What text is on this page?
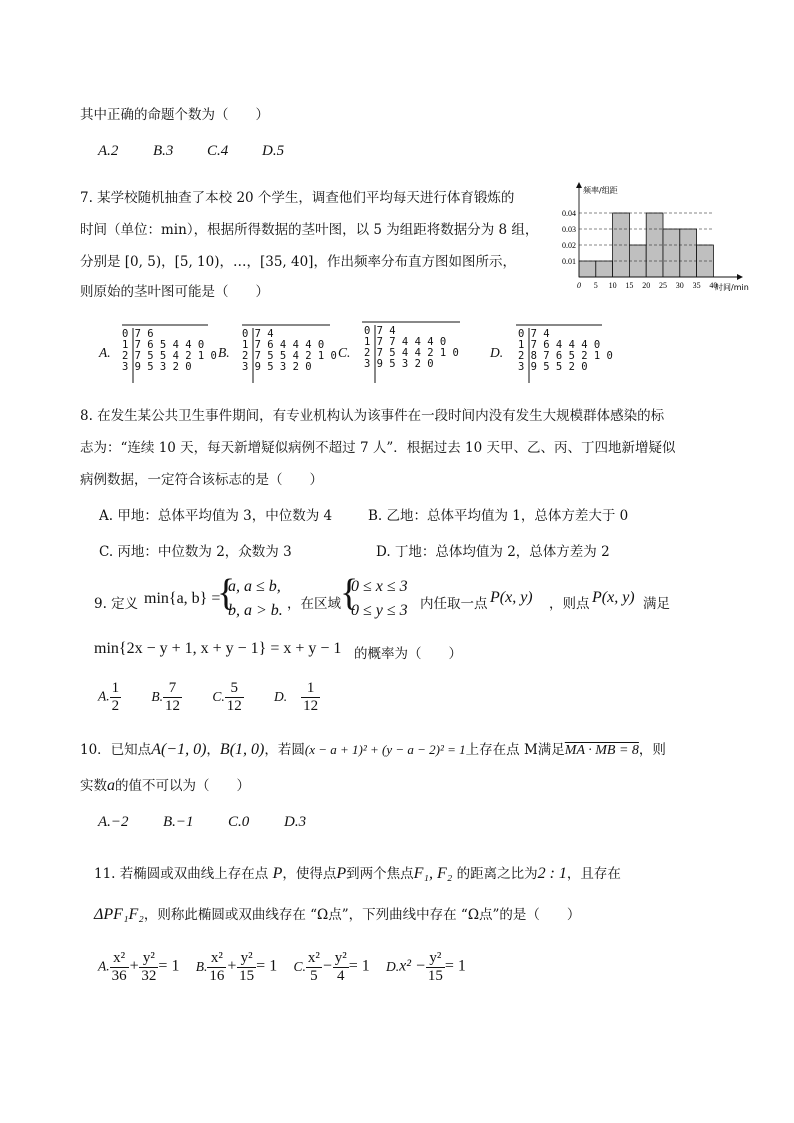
其中正确的命题个数为（　　）
A.2 B.3 C.4 D.5
7. 某学校随机抽查了本校 20 个学生，调查他们平均每天进行体育锻炼的
时间（单位：min），根据所得数据的茎叶图，以 5 为组距将数据分为 8 组，
分别是 [0, 5)，[5, 10)，…，[35, 40]，作出频率分布直方图如图所示，
则原始的茎叶图可能是（　　）
0.01
0.02
0.03
0.04
0 5 10 15 20 25 30 35 40
频率/组距
时间/min
A.
0 7 6
1 7 6 5 4 4 0
2 7 5 5 4 2 1 0
3 9 5 3 2 0
B.
0 7 4
1 7 6 4 4 4 0
2 7 5 5 4 2 1 0
3 9 5 3 2 0
C.
0 7 4
1 7 7 4 4 4 0
2 7 5 4 4 2 1 0
3 9 5 3 2 0
D.
0 7 4
1 7 6 4 4 4 0
2 8 7 6 5 2 1 0
3 9 5 5 2 0
8. 在发生某公共卫生事件期间，有专业机构认为该事件在一段时间内没有发生大规模群体感染的标
志为：“连续 10 天，每天新增疑似病例不超过 7 人”．根据过去 10 天甲、乙、丙、丁四地新增疑似
病例数据，一定符合该标志的是（　　）
A. 甲地：总体平均值为 3，中位数为 4	B. 乙地：总体平均值为 1，总体方差大于 0
C. 丙地：中位数为 2，众数为 3	D. 丁地：总体均值为 2，总体方差为 2
9. 定义 min{a, b} =
{
a, a ≤ b,
b, a > b. ，在区域 {
0 ≤ x ≤ 3
0 ≤ y ≤ 3 内任取一点 P(x, y) ，则点 P(x, y) 满足
min{2x − y + 1, x + y − 1} = x + y − 1 的概率为（　　）
A. $\frac{1}{2} B$. $\frac{7}{12} C$. $\frac{5}{12} D$. $\frac{1}{12}$
10．已知点A(−1, 0)，B(1, 0)，若圆(x − a + 1)² + (y − a − 2)² = 1上存在点 M满足MA · MB = 8，则
实数a的值不可以为（　　）
A.−2 B.−1 C.0 D.3
11. 若椭圆或双曲线上存在点 P，使得点P到两个焦点F₁, F₂ 的距离之比为2 : 1，且存在
ΔPF₁F₂，则称此椭圆或双曲线存在 “Ω点”，下列曲线中存在 “Ω点”的是（　　）
A. $\frac{\text{x²}}{36} + \frac{\text{y²}}{32} = 1$ B. $\frac{\text{x²}}{16} + \frac{\text{y²}}{15} = 1$ C. $\frac{\text{x²}}{5} - \frac{\text{y²}}{4} = 1$ $D.x^2 - \frac{\text{y²}}{15} = 1$
